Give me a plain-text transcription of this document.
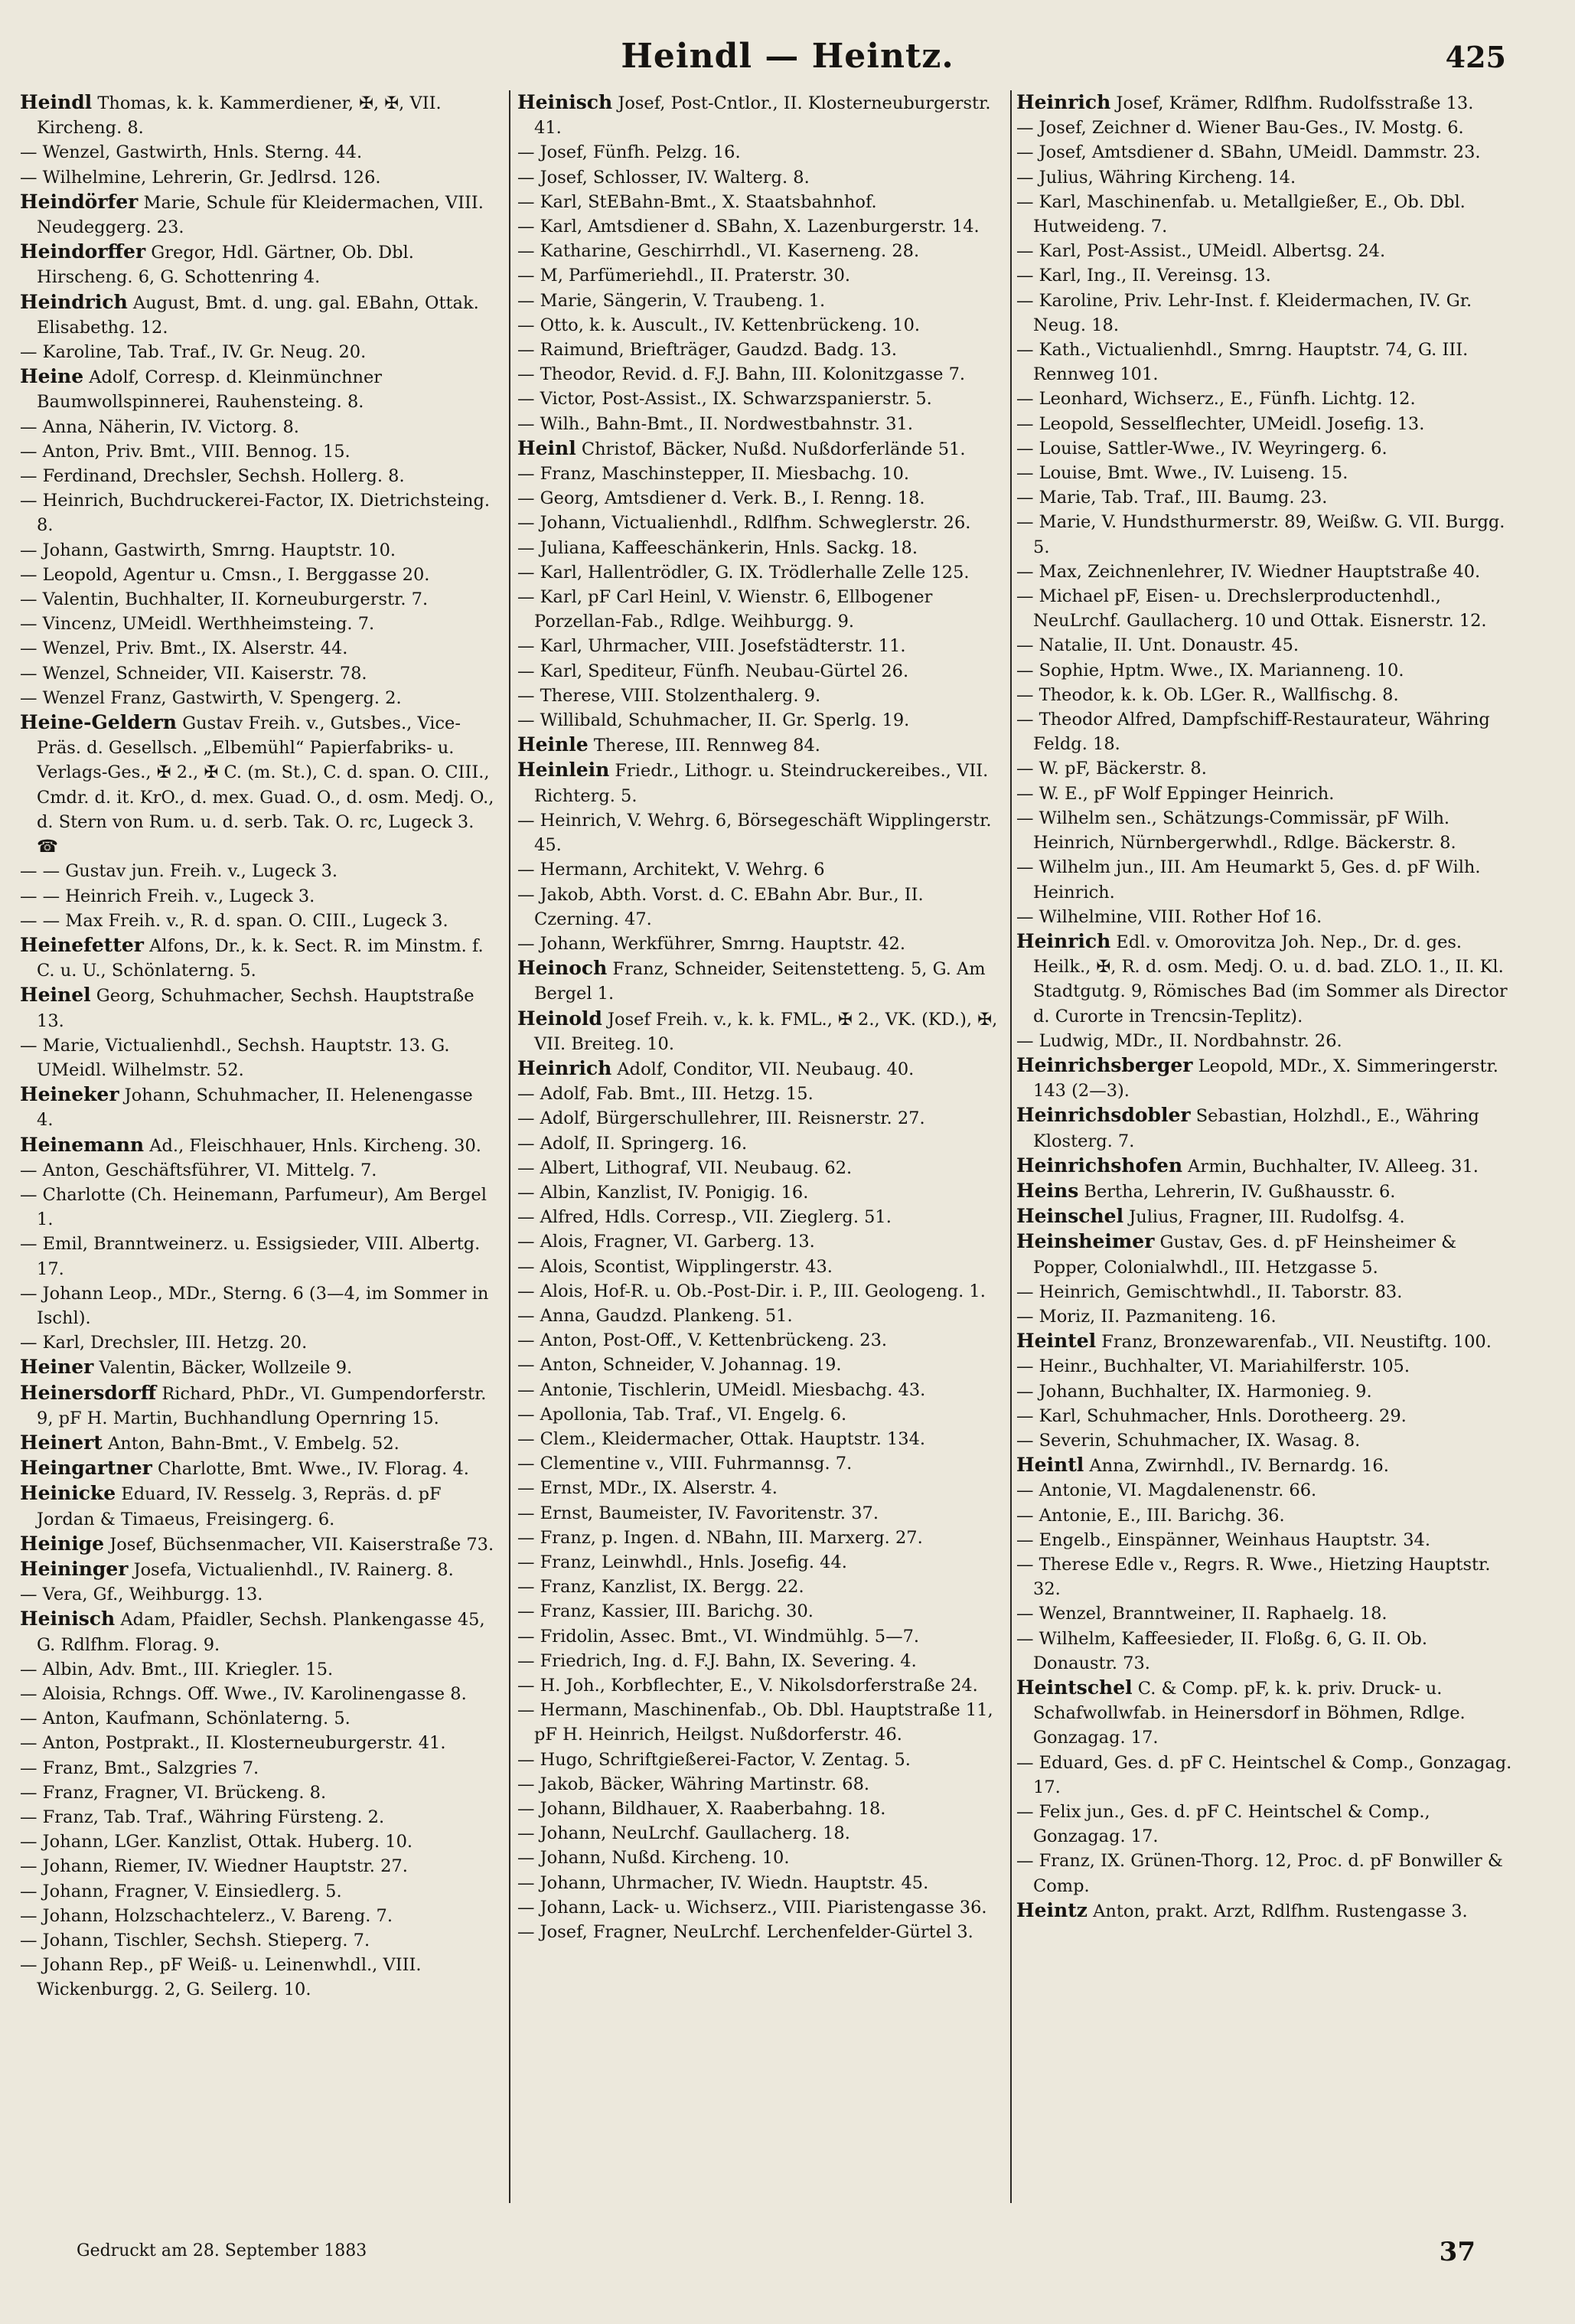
Heindl — Heintz.	425

Heindl Thomas, k. k. Kammerdiener, ✠, ✠, VII. Kircheng. 8.

— Wenzel, Gastwirth, Hnls. Sterng. 44.

— Wilhelmine, Lehrerin, Gr. Jedlrsd. 126.

Heindörfer Marie, Schule für Kleidermachen, VIII. Neudeggerg. 23.

Heindorffer Gregor, Hdl. Gärtner, Ob. Dbl. Hirscheng. 6, G. Schottenring 4.

Heindrich August, Bmt. d. ung. gal. EBahn, Ottak. Elisabethg. 12.

— Karoline, Tab. Traf., IV. Gr. Neug. 20.

Heine Adolf, Corresp. d. Kleinmünchner Baumwollspinnerei, Rauhensteing. 8.

— Anna, Näherin, IV. Victorg. 8.

— Anton, Priv. Bmt., VIII. Bennog. 15.

— Ferdinand, Drechsler, Sechsh. Hollerg. 8.

— Heinrich, Buchdruckerei-Factor, IX. Dietrichsteing. 8.

— Johann, Gastwirth, Smrng. Hauptstr. 10.

— Leopold, Agentur u. Cmsn., I. Berggasse 20.

— Valentin, Buchhalter, II. Korneuburgerstr. 7.

— Vincenz, UMeidl. Werthheimsteing. 7.

— Wenzel, Priv. Bmt., IX. Alserstr. 44.

— Wenzel, Schneider, VII. Kaiserstr. 78.

— Wenzel Franz, Gastwirth, V. Spengerg. 2.

Heine-Geldern Gustav Freih. v., Gutsbes., Vice-Präs. d. Gesellsch. „Elbemühl“ Papierfabriks- u. Verlags-Ges., ✠ 2., ✠ C. (m. St.), C. d. span. O. CIII., Cmdr. d. it. KrO., d. mex. Guad. O., d. osm. Medj. O., d. Stern von Rum. u. d. serb. Tak. O. rc, Lugeck 3. ☎

— — Gustav jun. Freih. v., Lugeck 3.

— — Heinrich Freih. v., Lugeck 3.

— — Max Freih. v., R. d. span. O. CIII., Lugeck 3.

Heinefetter Alfons, Dr., k. k. Sect. R. im Minstm. f. C. u. U., Schönlaterng. 5.

Heinel Georg, Schuhmacher, Sechsh. Hauptstraße 13.

— Marie, Victualienhdl., Sechsh. Hauptstr. 13. G. UMeidl. Wilhelmstr. 52.

Heineker Johann, Schuhmacher, II. Helenengasse 4.

Heinemann Ad., Fleischhauer, Hnls. Kircheng. 30.

— Anton, Geschäftsführer, VI. Mittelg. 7.

— Charlotte (Ch. Heinemann, Parfumeur), Am Bergel 1.

— Emil, Branntweinerz. u. Essigsieder, VIII. Albertg. 17.

— Johann Leop., MDr., Sterng. 6 (3—4, im Sommer in Ischl).

— Karl, Drechsler, III. Hetzg. 20.

Heiner Valentin, Bäcker, Wollzeile 9.

Heinersdorff Richard, PhDr., VI. Gumpendorferstr. 9, pF H. Martin, Buchhandlung Opernring 15.

Heinert Anton, Bahn-Bmt., V. Embelg. 52.

Heingartner Charlotte, Bmt. Wwe., IV. Florag. 4.

Heinicke Eduard, IV. Resselg. 3, Repräs. d. pF Jordan & Timaeus, Freisingerg. 6.

Heinige Josef, Büchsenmacher, VII. Kaiserstraße 73.

Heininger Josefa, Victualienhdl., IV. Rainerg. 8.

— Vera, Gf., Weihburgg. 13.

Heinisch Adam, Pfaidler, Sechsh. Plankengasse 45, G. Rdlfhm. Florag. 9.

— Albin, Adv. Bmt., III. Kriegler. 15.

— Aloisia, Rchngs. Off. Wwe., IV. Karolinengasse 8.

— Anton, Kaufmann, Schönlaterng. 5.

— Anton, Postprakt., II. Klosterneuburgerstr. 41.

— Franz, Bmt., Salzgries 7.

— Franz, Fragner, VI. Brückeng. 8.

— Franz, Tab. Traf., Währing Fürsteng. 2.

— Johann, LGer. Kanzlist, Ottak. Huberg. 10.

— Johann, Riemer, IV. Wiedner Hauptstr. 27.

— Johann, Fragner, V. Einsiedlerg. 5.

— Johann, Holzschachtelerz., V. Bareng. 7.

— Johann, Tischler, Sechsh. Stieperg. 7.

— Johann Rep., pF Weiß- u. Leinenwhdl., VIII. Wickenburgg. 2, G. Seilerg. 10.

Heinisch Josef, Post-Cntlor., II. Klosterneuburgerstr. 41.

— Josef, Fünfh. Pelzg. 16.

— Josef, Schlosser, IV. Walterg. 8.

— Karl, StEBahn-Bmt., X. Staatsbahnhof.

— Karl, Amtsdiener d. SBahn, X. Lazenburgerstr. 14.

— Katharine, Geschirrhdl., VI. Kaserneng. 28.

— M, Parfümeriehdl., II. Praterstr. 30.

— Marie, Sängerin, V. Traubeng. 1.

— Otto, k. k. Auscult., IV. Kettenbrückeng. 10.

— Raimund, Briefträger, Gaudzd. Badg. 13.

— Theodor, Revid. d. F.J. Bahn, III. Kolonitzgasse 7.

— Victor, Post-Assist., IX. Schwarzspanierstr. 5.

— Wilh., Bahn-Bmt., II. Nordwestbahnstr. 31.

Heinl Christof, Bäcker, Nußd. Nußdorferlände 51.

— Franz, Maschinstepper, II. Miesbachg. 10.

— Georg, Amtsdiener d. Verk. B., I. Renng. 18.

— Johann, Victualienhdl., Rdlfhm. Schweglerstr. 26.

— Juliana, Kaffeeschänkerin, Hnls. Sackg. 18.

— Karl, Hallentrödler, G. IX. Trödlerhalle Zelle 125.

— Karl, pF Carl Heinl, V. Wienstr. 6, Ellbogener Porzellan-Fab., Rdlge. Weihburgg. 9.

— Karl, Uhrmacher, VIII. Josefstädterstr. 11.

— Karl, Spediteur, Fünfh. Neubau-Gürtel 26.

— Therese, VIII. Stolzenthalerg. 9.

— Willibald, Schuhmacher, II. Gr. Sperlg. 19.

Heinle Therese, III. Rennweg 84.

Heinlein Friedr., Lithogr. u. Steindruckereibes., VII. Richterg. 5.

— Heinrich, V. Wehrg. 6, Börsegeschäft Wipplingerstr. 45.

— Hermann, Architekt, V. Wehrg. 6

— Jakob, Abth. Vorst. d. C. EBahn Abr. Bur., II. Czerning. 47.

— Johann, Werkführer, Smrng. Hauptstr. 42.

Heinoch Franz, Schneider, Seitenstetteng. 5, G. Am Bergel 1.

Heinold Josef Freih. v., k. k. FML., ✠ 2., VK. (KD.), ✠, VII. Breiteg. 10.

Heinrich Adolf, Conditor, VII. Neubaug. 40.

— Adolf, Fab. Bmt., III. Hetzg. 15.

— Adolf, Bürgerschullehrer, III. Reisnerstr. 27.

— Adolf, II. Springerg. 16.

— Albert, Lithograf, VII. Neubaug. 62.

— Albin, Kanzlist, IV. Ponigig. 16.

— Alfred, Hdls. Corresp., VII. Zieglerg. 51.

— Alois, Fragner, VI. Garberg. 13.

— Alois, Scontist, Wipplingerstr. 43.

— Alois, Hof-R. u. Ob.-Post-Dir. i. P., III. Geologeng. 1.

— Anna, Gaudzd. Plankeng. 51.

— Anton, Post-Off., V. Kettenbrückeng. 23.

— Anton, Schneider, V. Johannag. 19.

— Antonie, Tischlerin, UMeidl. Miesbachg. 43.

— Apollonia, Tab. Traf., VI. Engelg. 6.

— Clem., Kleidermacher, Ottak. Hauptstr. 134.

— Clementine v., VIII. Fuhrmannsg. 7.

— Ernst, MDr., IX. Alserstr. 4.

— Ernst, Baumeister, IV. Favoritenstr. 37.

— Franz, p. Ingen. d. NBahn, III. Marxerg. 27.

— Franz, Leinwhdl., Hnls. Josefig. 44.

— Franz, Kanzlist, IX. Bergg. 22.

— Franz, Kassier, III. Barichg. 30.

— Fridolin, Assec. Bmt., VI. Windmühlg. 5—7.

— Friedrich, Ing. d. F.J. Bahn, IX. Severing. 4.

— H. Joh., Korbflechter, E., V. Nikolsdorferstraße 24.

— Hermann, Maschinenfab., Ob. Dbl. Hauptstraße 11, pF H. Heinrich, Heilgst. Nußdorferstr. 46.

— Hugo, Schriftgießerei-Factor, V. Zentag. 5.

— Jakob, Bäcker, Währing Martinstr. 68.

— Johann, Bildhauer, X. Raaberbahng. 18.

— Johann, NeuLrchf. Gaullacherg. 18.

— Johann, Nußd. Kircheng. 10.

— Johann, Uhrmacher, IV. Wiedn. Hauptstr. 45.

— Johann, Lack- u. Wichserz., VIII. Piaristengasse 36.

— Josef, Fragner, NeuLrchf. Lerchenfelder-Gürtel 3.

Heinrich Josef, Krämer, Rdlfhm. Rudolfsstraße 13.

— Josef, Zeichner d. Wiener Bau-Ges., IV. Mostg. 6.

— Josef, Amtsdiener d. SBahn, UMeidl. Dammstr. 23.

— Julius, Währing Kircheng. 14.

— Karl, Maschinenfab. u. Metallgießer, E., Ob. Dbl. Hutweideng. 7.

— Karl, Post-Assist., UMeidl. Albertsg. 24.

— Karl, Ing., II. Vereinsg. 13.

— Karoline, Priv. Lehr-Inst. f. Kleidermachen, IV. Gr. Neug. 18.

— Kath., Victualienhdl., Smrng. Hauptstr. 74, G. III. Rennweg 101.

— Leonhard, Wichserz., E., Fünfh. Lichtg. 12.

— Leopold, Sesselflechter, UMeidl. Josefig. 13.

— Louise, Sattler-Wwe., IV. Weyringerg. 6.

— Louise, Bmt. Wwe., IV. Luiseng. 15.

— Marie, Tab. Traf., III. Baumg. 23.

— Marie, V. Hundsthurmerstr. 89, Weißw. G. VII. Burgg. 5.

— Max, Zeichnenlehrer, IV. Wiedner Hauptstraße 40.

— Michael pF, Eisen- u. Drechslerproductenhdl., NeuLrchf. Gaullacherg. 10 und Ottak. Eisnerstr. 12.

— Natalie, II. Unt. Donaustr. 45.

— Sophie, Hptm. Wwe., IX. Marianneng. 10.

— Theodor, k. k. Ob. LGer. R., Wallfischg. 8.

— Theodor Alfred, Dampfschiff-Restaurateur, Währing Feldg. 18.

— W. pF, Bäckerstr. 8.

— W. E., pF Wolf Eppinger Heinrich.

— Wilhelm sen., Schätzungs-Commissär, pF Wilh. Heinrich, Nürnbergerwhdl., Rdlge. Bäckerstr. 8.

— Wilhelm jun., III. Am Heumarkt 5, Ges. d. pF Wilh. Heinrich.

— Wilhelmine, VIII. Rother Hof 16.

Heinrich Edl. v. Omorovitza Joh. Nep., Dr. d. ges. Heilk., ✠, R. d. osm. Medj. O. u. d. bad. ZLO. 1., II. Kl. Stadtgutg. 9, Römisches Bad (im Sommer als Director d. Curorte in Trencsin-Teplitz).

— Ludwig, MDr., II. Nordbahnstr. 26.

Heinrichsberger Leopold, MDr., X. Simmeringerstr. 143 (2—3).

Heinrichsdobler Sebastian, Holzhdl., E., Währing Klosterg. 7.

Heinrichshofen Armin, Buchhalter, IV. Alleeg. 31.

Heins Bertha, Lehrerin, IV. Gußhausstr. 6.

Heinschel Julius, Fragner, III. Rudolfsg. 4.

Heinsheimer Gustav, Ges. d. pF Heinsheimer & Popper, Colonialwhdl., III. Hetzgasse 5.

— Heinrich, Gemischtwhdl., II. Taborstr. 83.

— Moriz, II. Pazmaniteng. 16.

Heintel Franz, Bronzewarenfab., VII. Neustiftg. 100.

— Heinr., Buchhalter, VI. Mariahilferstr. 105.

— Johann, Buchhalter, IX. Harmonieg. 9.

— Karl, Schuhmacher, Hnls. Dorotheerg. 29.

— Severin, Schuhmacher, IX. Wasag. 8.

Heintl Anna, Zwirnhdl., IV. Bernardg. 16.

— Antonie, VI. Magdalenenstr. 66.

— Antonie, E., III. Barichg. 36.

— Engelb., Einspänner, Weinhaus Hauptstr. 34.

— Therese Edle v., Regrs. R. Wwe., Hietzing Hauptstr. 32.

— Wenzel, Branntweiner, II. Raphaelg. 18.

— Wilhelm, Kaffeesieder, II. Floßg. 6, G. II. Ob. Donaustr. 73.

Heintschel C. & Comp. pF, k. k. priv. Druck- u. Schafwollwfab. in Heinersdorf in Böhmen, Rdlge. Gonzagag. 17.

— Eduard, Ges. d. pF C. Heintschel & Comp., Gonzagag. 17.

— Felix jun., Ges. d. pF C. Heintschel & Comp., Gonzagag. 17.

— Franz, IX. Grünen-Thorg. 12, Proc. d. pF Bonwiller & Comp.

Heintz Anton, prakt. Arzt, Rdlfhm. Rustengasse 3.

Gedruckt am 28. September 1883	37
